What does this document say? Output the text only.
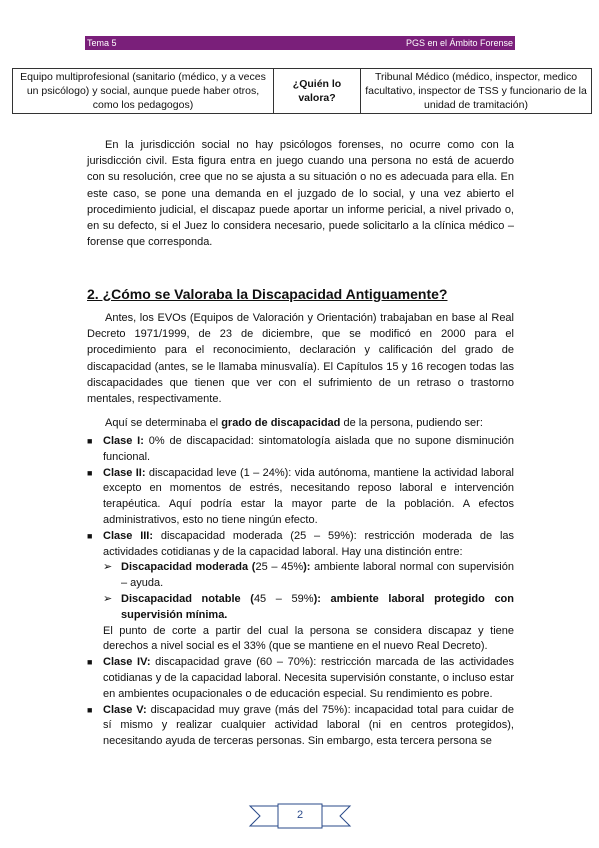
Tema 5	PGS en el Ámbito Forense
Equipo multiprofesional (sanitario (médico, y a veces un psicólogo) y social, aunque puede haber otros, como los pedagogos)	¿Quién lo valora?	Tribunal Médico (médico, inspector, medico facultativo, inspector de TSS y funcionario de la unidad de tramitación)

En la jurisdicción social no hay psicólogos forenses, no ocurre como con la jurisdicción civil. Esta figura entra en juego cuando una persona no está de acuerdo con su resolución, cree que no se ajusta a su situación o no es adecuada para ella. En este caso, se pone una demanda en el juzgado de lo social, y una vez abierto el procedimiento judicial, el discapaz puede aportar un informe pericial, a nivel privado o, en su defecto, si el Juez lo considera necesario, puede solicitarlo a la clínica médico – forense que corresponda.

2. ¿Cómo se Valoraba la Discapacidad Antiguamente?

Antes, los EVOs (Equipos de Valoración y Orientación) trabajaban en base al Real Decreto 1971/1999, de 23 de diciembre, que se modificó en 2000 para el procedimiento para el reconocimiento, declaración y calificación del grado de discapacidad (antes, se le llamaba minusvalía). El Capítulos 15 y 16 recogen todas las discapacidades que tienen que ver con el sufrimiento de un retraso o trastorno mentales, respectivamente.

Aquí se determinaba el grado de discapacidad de la persona, pudiendo ser:

■ Clase I: 0% de discapacidad: sintomatología aislada que no supone disminución funcional.
■ Clase II: discapacidad leve (1 – 24%): vida autónoma, mantiene la actividad laboral excepto en momentos de estrés, necesitando reposo laboral e intervención terapéutica. Aquí podría estar la mayor parte de la población. A efectos administrativos, esto no tiene ningún efecto.
■ Clase III: discapacidad moderada (25 – 59%): restricción moderada de las actividades cotidianas y de la capacidad laboral. Hay una distinción entre:
➢ Discapacidad moderada (25 – 45%): ambiente laboral normal con supervisión – ayuda.
➢ Discapacidad notable (45 – 59%): ambiente laboral protegido con supervisión mínima.
El punto de corte a partir del cual la persona se considera discapaz y tiene derechos a nivel social es el 33% (que se mantiene en el nuevo Real Decreto).
■ Clase IV: discapacidad grave (60 – 70%): restricción marcada de las actividades cotidianas y de la capacidad laboral. Necesita supervisión constante, o incluso estar en ambientes ocupacionales o de educación especial. Su rendimiento es pobre.
■ Clase V: discapacidad muy grave (más del 75%): incapacidad total para cuidar de sí mismo y realizar cualquier actividad laboral (ni en centros protegidos), necesitando ayuda de terceras personas. Sin embargo, esta tercera persona se
2
